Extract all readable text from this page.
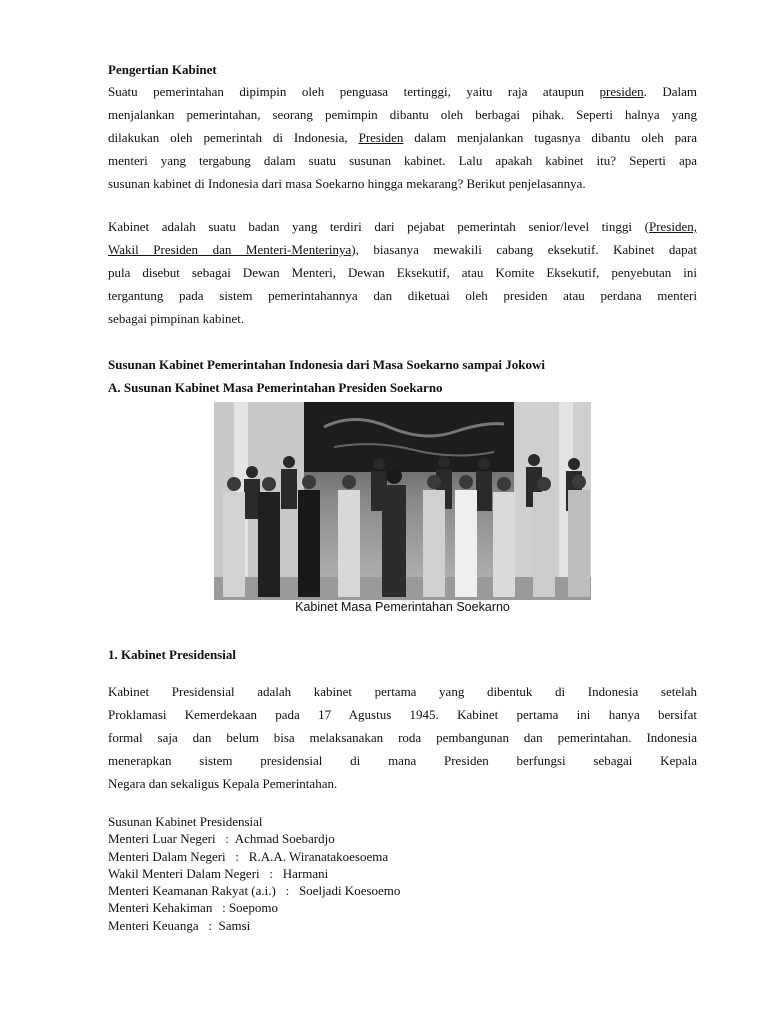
Pengertian Kabinet

Suatu pemerintahan dipimpin oleh penguasa tertinggi, yaitu raja ataupun presiden. Dalam

menjalankan pemerintahan, seorang pemimpin dibantu oleh berbagai pihak. Seperti halnya yang

dilakukan oleh pemerintah di Indonesia, Presiden dalam menjalankan tugasnya dibantu oleh para

menteri yang tergabung dalam suatu susunan kabinet. Lalu apakah kabinet itu? Seperti apa

susunan kabinet di Indonesia dari masa Soekarno hingga mekarang? Berikut penjelasannya.

Kabinet adalah suatu badan yang terdiri dari pejabat pemerintah senior/level tinggi (Presiden,

Wakil Presiden dan Menteri-Menterinya), biasanya mewakili cabang eksekutif. Kabinet dapat

pula disebut sebagai Dewan Menteri, Dewan Eksekutif, atau Komite Eksekutif, penyebutan ini

tergantung pada sistem pemerintahannya dan diketuai oleh presiden atau perdana menteri

sebagai pimpinan kabinet.

Susunan Kabinet Pemerintahan Indonesia dari Masa Soekarno sampai Jokowi
A. Susunan Kabinet Masa Pemerintahan Presiden Soekarno
Kabinet Masa Pemerintahan Soekarno
1. Kabinet Presidensial

Kabinet Presidensial adalah kabinet pertama yang dibentuk di Indonesia setelah

Proklamasi Kemerdekaan pada 17 Agustus 1945. Kabinet pertama ini hanya bersifat

formal saja dan belum bisa melaksanakan roda pembangunan dan pemerintahan. Indonesia

menerapkan sistem presidensial di mana Presiden berfungsi sebagai Kepala

Negara dan sekaligus Kepala Pemerintahan.

Susunan Kabinet Presidensial

Menteri Luar Negeri   :  Achmad Soebardjo

Menteri Dalam Negeri   :   R.A.A. Wiranatakoesoema

Wakil Menteri Dalam Negeri   :   Harmani

Menteri Keamanan Rakyat (a.i.)   :   Soeljadi Koesoemo

Menteri Kehakiman   : Soepomo

Menteri Keuanga   :  Samsi
